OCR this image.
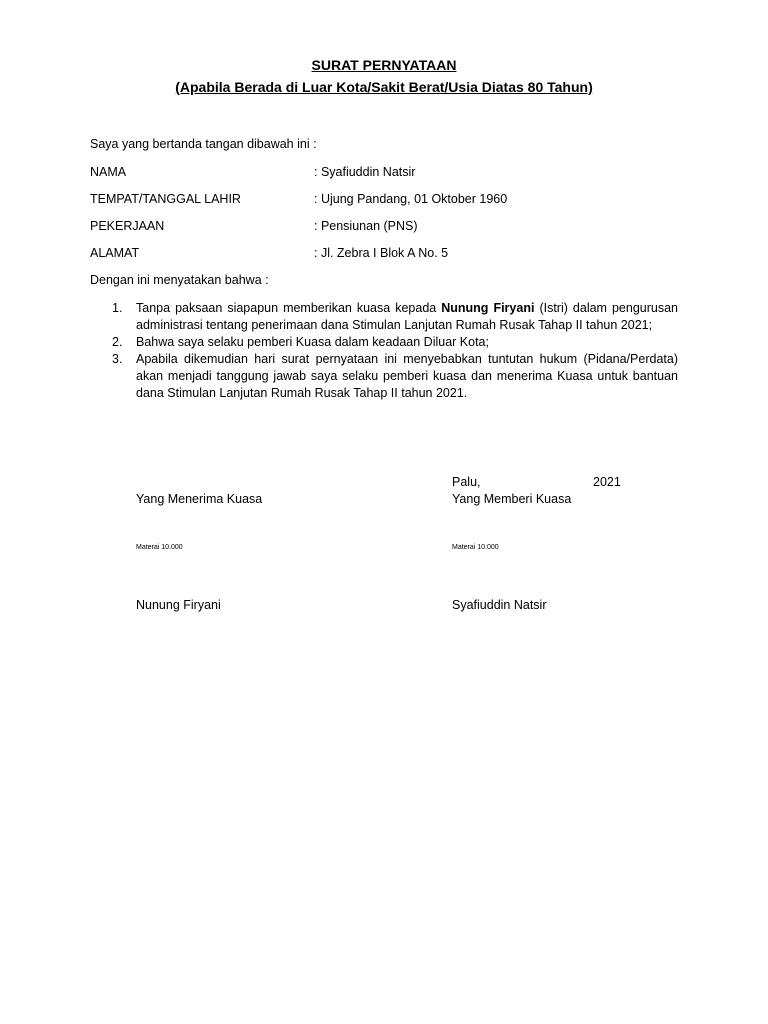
SURAT PERNYATAAN
(Apabila Berada di Luar Kota/Sakit Berat/Usia Diatas 80 Tahun)
Saya yang bertanda tangan dibawah ini :
NAMA	: Syafiuddin Natsir
TEMPAT/TANGGAL LAHIR	: Ujung Pandang, 01 Oktober 1960
PEKERJAAN	: Pensiunan (PNS)
ALAMAT	: Jl. Zebra I Blok A No. 5
Dengan ini menyatakan bahwa :
1. Tanpa paksaan siapapun memberikan kuasa kepada Nunung Firyani (Istri) dalam pengurusan administrasi tentang penerimaan dana Stimulan Lanjutan Rumah Rusak Tahap II tahun 2021;
2. Bahwa saya selaku pemberi Kuasa dalam keadaan Diluar Kota;
3. Apabila dikemudian hari surat pernyataan ini menyebabkan tuntutan hukum (Pidana/Perdata) akan menjadi tanggung jawab saya selaku pemberi kuasa dan menerima Kuasa untuk bantuan dana Stimulan Lanjutan Rumah Rusak Tahap II tahun 2021.
Palu,	2021
Yang Menerima Kuasa	Yang Memberi Kuasa
Materai 10.000	Materai 10.000
Nunung Firyani	Syafiuddin Natsir
